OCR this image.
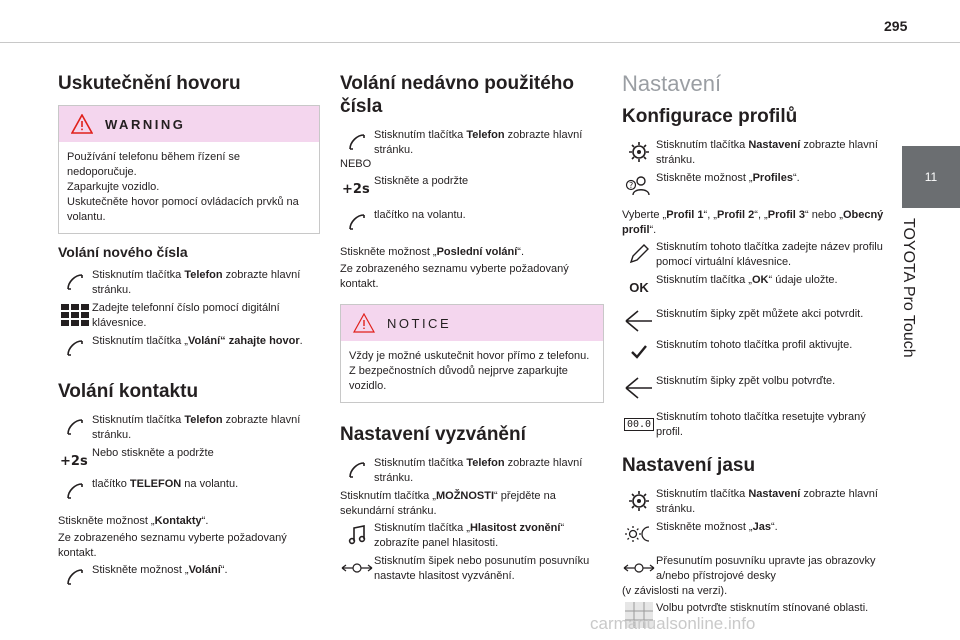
295
11
TOYOTA Pro Touch
Uskutečnění hovoru
WARNING
Používání telefonu během řízení se nedoporučuje.
Zaparkujte vozidlo.
Uskutečněte hovor pomocí ovládacích prvků na volantu.
Volání nového čísla
Stisknutím tlačítka Telefon zobrazte hlavní stránku.
Zadejte telefonní číslo pomocí digitální klávesnice.
Stisknutím tlačítka „Volání“ zahajte hovor.
Volání kontaktu
Stisknutím tlačítka Telefon zobrazte hlavní stránku.
+2s
Nebo stiskněte a podržte
tlačítko TELEFON na volantu.
Stiskněte možnost „Kontakty“.
Ze zobrazeného seznamu vyberte požadovaný kontakt.
Stiskněte možnost „Volání“.
Volání nedávno použitého čísla
Stisknutím tlačítka Telefon zobrazte hlavní stránku.
NEBO
+2s
Stiskněte a podržte
tlačítko na volantu.
Stiskněte možnost „Poslední volání“.
Ze zobrazeného seznamu vyberte požadovaný kontakt.
NOTICE
Vždy je možné uskutečnit hovor přímo z telefonu. Z bezpečnostních důvodů nejprve zaparkujte vozidlo.
Nastavení vyzvánění
Stisknutím tlačítka Telefon zobrazte hlavní stránku.
Stisknutím tlačítka „MOŽNOSTI“ přejděte na sekundární stránku.
Stisknutím tlačítka „Hlasitost zvonění“ zobrazíte panel hlasitosti.
Stisknutím šipek nebo posunutím posuvníku nastavte hlasitost vyzvánění.
Nastavení
Konfigurace profilů
Stisknutím tlačítka Nastavení zobrazte hlavní stránku.
?
Stiskněte možnost „Profiles“.
Vyberte „Profil 1“, „Profil 2“, „Profil 3“ nebo „Obecný profil“.
Stisknutím tohoto tlačítka zadejte název profilu pomocí virtuální klávesnice.
OK Stisknutím tlačítka „OK“ údaje uložte.
Stisknutím šipky zpět můžete akci potvrdit.
Stisknutím tohoto tlačítka profil aktivujte.
Stisknutím šipky zpět volbu potvrďte.
00.0
Stisknutím tohoto tlačítka resetujte vybraný profil.
Nastavení jasu
Stisknutím tlačítka Nastavení zobrazte hlavní stránku.
Stiskněte možnost „Jas“.
Přesunutím posuvníku upravte jas obrazovky a/nebo přístrojové desky
(v závislosti na verzi).
Volbu potvrďte stisknutím stínované oblasti.
carmanualsonline.info
